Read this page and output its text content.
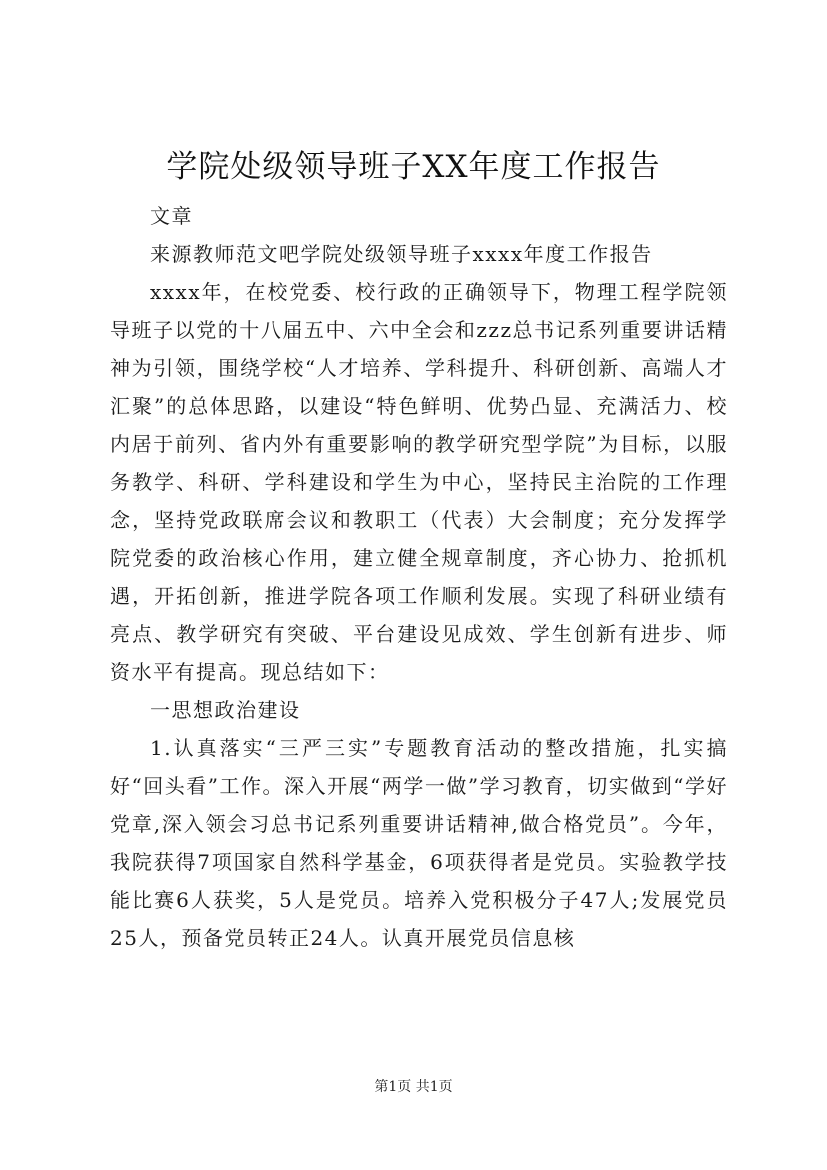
学院处级领导班子XX年度工作报告

文章

来源教师范文吧学院处级领导班子xxxx年度工作报告

xxxx年，在校党委、校行政的正确领导下，物理工程学院领导班子以党的十八届五中、六中全会和zzz总书记系列重要讲话精神为引领，围绕学校“人才培养、学科提升、科研创新、高端人才汇聚”的总体思路，以建设“特色鲜明、优势凸显、充满活力、校内居于前列、省内外有重要影响的教学研究型学院”为目标，以服务教学、科研、学科建设和学生为中心，坚持民主治院的工作理念，坚持党政联席会议和教职工（代表）大会制度；充分发挥学院党委的政治核心作用，建立健全规章制度，齐心协力、抢抓机遇，开拓创新，推进学院各项工作顺利发展。实现了科研业绩有亮点、教学研究有突破、平台建设见成效、学生创新有进步、师资水平有提高。现总结如下：

一思想政治建设

1.认真落实“三严三实”专题教育活动的整改措施，扎实搞好“回头看”工作。深入开展“两学一做”学习教育，切实做到“学好党章,深入领会习总书记系列重要讲话精神,做合格党员”。今年，我院获得7项国家自然科学基金，6项获得者是党员。实验教学技能比赛6人获奖，5人是党员。培养入党积极分子47人;发展党员25人，预备党员转正24人。认真开展党员信息核

第1页 共1页
